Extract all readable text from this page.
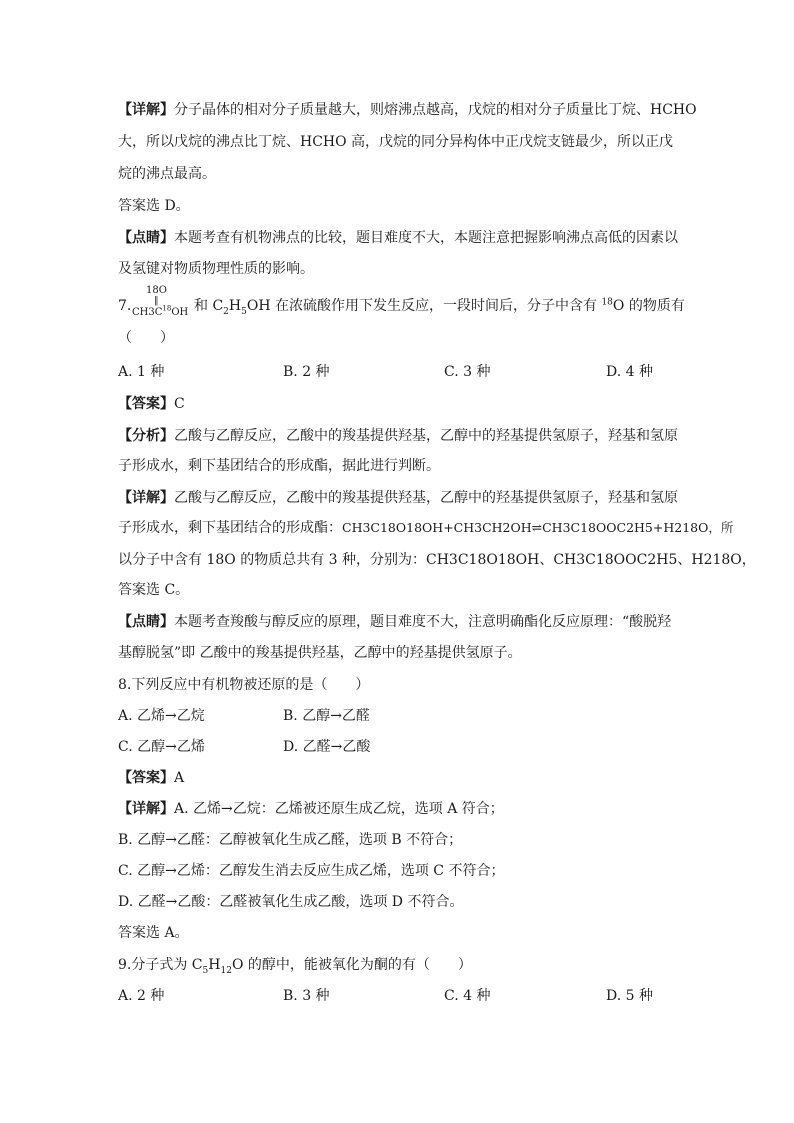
【详解】分子晶体的相对分子质量越大，则熔沸点越高，戊烷的相对分子质量比丁烷、HCHO
大，所以戊烷的沸点比丁烷、HCHO 高，戊烷的同分异构体中正戊烷支链最少，所以正戊
烷的沸点最高。
答案选 D。
【点睛】本题考查有机物沸点的比较，题目难度不大，本题注意把握影响沸点高低的因素以
及氢键对物质物理性质的影响。
7.
18O
‖
$CH3C^{18}OH$ 和 $C_2H_5OH$ 在浓硫酸作用下发生反应，一段时间后，分子中含有 $^{18}$O 的物质有
（　　）
A. 1 种	B. 2 种	C. 3 种	D. 4 种
【答案】C
【分析】乙酸与乙醇反应，乙酸中的羧基提供羟基，乙醇中的羟基提供氢原子，羟基和氢原
子形成水，剩下基团结合的形成酯，据此进行判断。
【详解】乙酸与乙醇反应，乙酸中的羧基提供羟基，乙醇中的羟基提供氢原子，羟基和氢原
子形成水，剩下基团结合的形成酯：CH3C18O18OH+CH3CH2OH⇌CH3C18OOC2H5+H218O，所
以分子中含有 18O 的物质总共有 3 种，分别为：CH3C18O18OH、CH3C18OOC2H5、H218O，
答案选 C。
【点睛】本题考查羧酸与醇反应的原理，题目难度不大，注意明确酯化反应原理：“酸脱羟
基醇脱氢”即 乙酸中的羧基提供羟基，乙醇中的羟基提供氢原子。
8.下列反应中有机物被还原的是（　　）
A. 乙烯→乙烷	B. 乙醇→乙醛
C. 乙醇→乙烯	D. 乙醛→乙酸
【答案】A
【详解】A. 乙烯→乙烷：乙烯被还原生成乙烷，选项 A 符合；
B. 乙醇→乙醛：乙醇被氧化生成乙醛，选项 B 不符合；
C. 乙醇→乙烯：乙醇发生消去反应生成乙烯，选项 C 不符合；
D. 乙醛→乙酸：乙醛被氧化生成乙酸，选项 D 不符合。
答案选 A。
9.分子式为 $C_5H_{12}O$ 的醇中，能被氧化为酮的有（　　）
A. 2 种	B. 3 种	C. 4 种	D. 5 种
